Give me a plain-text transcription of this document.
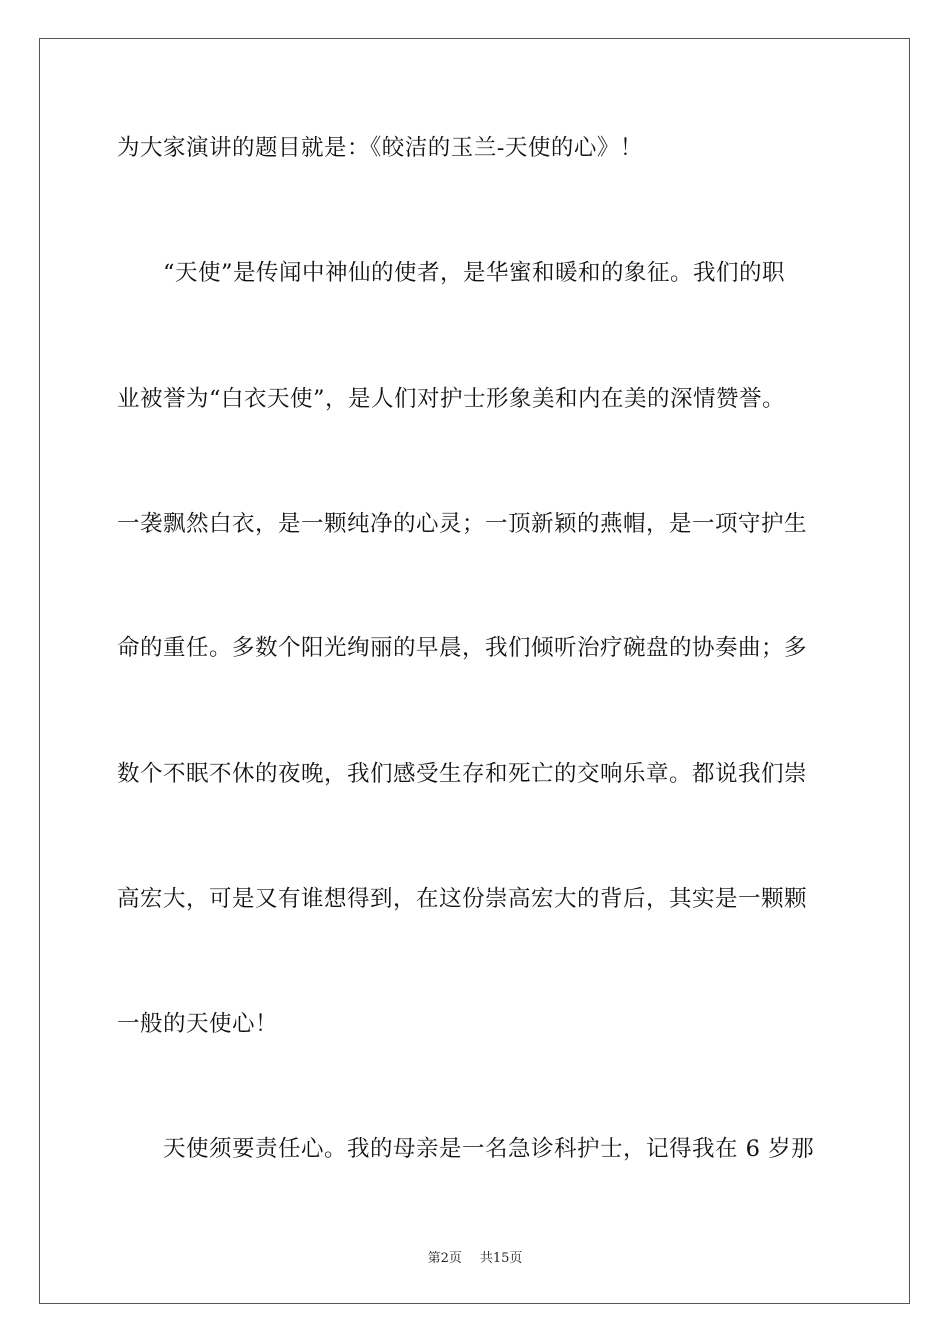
为大家演讲的题目就是：《皎洁的玉兰-天使的心》！
　　“天使”是传闻中神仙的使者，是华蜜和暖和的象征。我们的职
业被誉为“白衣天使”，是人们对护士形象美和内在美的深情赞誉。
一袭飘然白衣，是一颗纯净的心灵；一顶新颖的燕帽，是一项守护生
命的重任。多数个阳光绚丽的早晨，我们倾听治疗碗盘的协奏曲；多
数个不眠不休的夜晚，我们感受生存和死亡的交响乐章。都说我们崇
高宏大，可是又有谁想得到，在这份崇高宏大的背后，其实是一颗颗
一般的天使心！
　　天使须要责任心。我的母亲是一名急诊科护士，记得我在 6 岁那
第2页 共15页
